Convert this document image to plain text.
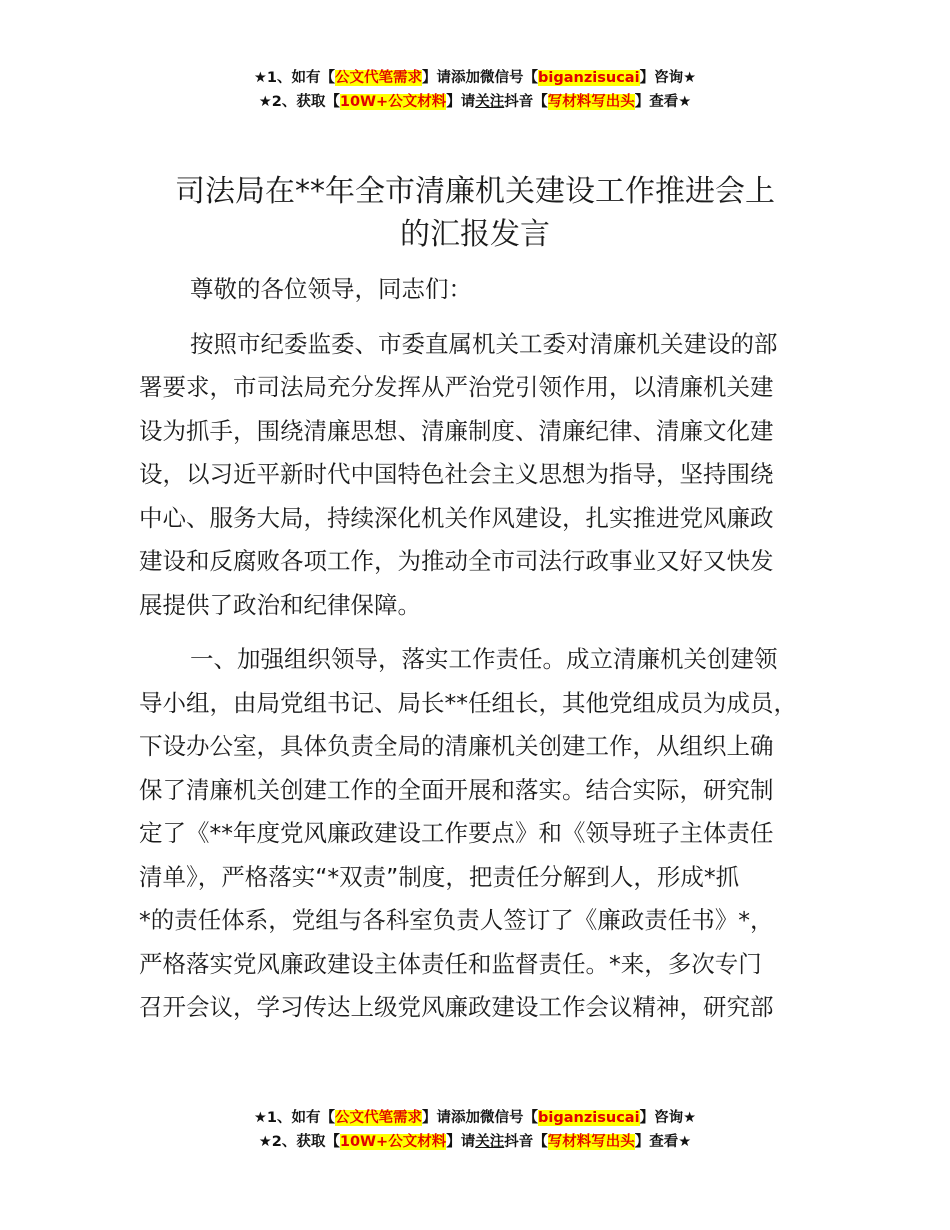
★1、如有【公文代笔需求】请添加微信号【biganzisucai】咨询★
★2、获取【10W+公文材料】请关注抖音【写材料写出头】查看★
司法局在**年全市清廉机关建设工作推进会上
的汇报发言
尊敬的各位领导，同志们：
按照市纪委监委、市委直属机关工委对清廉机关建设的部
署要求，市司法局充分发挥从严治党引领作用，以清廉机关建
设为抓手，围绕清廉思想、清廉制度、清廉纪律、清廉文化建
设，以习近平新时代中国特色社会主义思想为指导，坚持围绕
中心、服务大局，持续深化机关作风建设，扎实推进党风廉政
建设和反腐败各项工作，为推动全市司法行政事业又好又快发
展提供了政治和纪律保障。
一、加强组织领导，落实工作责任。成立清廉机关创建领
导小组，由局党组书记、局长**任组长，其他党组成员为成员，
下设办公室，具体负责全局的清廉机关创建工作，从组织上确
保了清廉机关创建工作的全面开展和落实。结合实际，研究制
定了《**年度党风廉政建设工作要点》和《领导班子主体责任
清单》，严格落实“*双责”制度，把责任分解到人，形成*抓
*的责任体系，党组与各科室负责人签订了《廉政责任书》*，
严格落实党风廉政建设主体责任和监督责任。*来，多次专门
召开会议，学习传达上级党风廉政建设工作会议精神，研究部
★1、如有【公文代笔需求】请添加微信号【biganzisucai】咨询★
★2、获取【10W+公文材料】请关注抖音【写材料写出头】查看★
